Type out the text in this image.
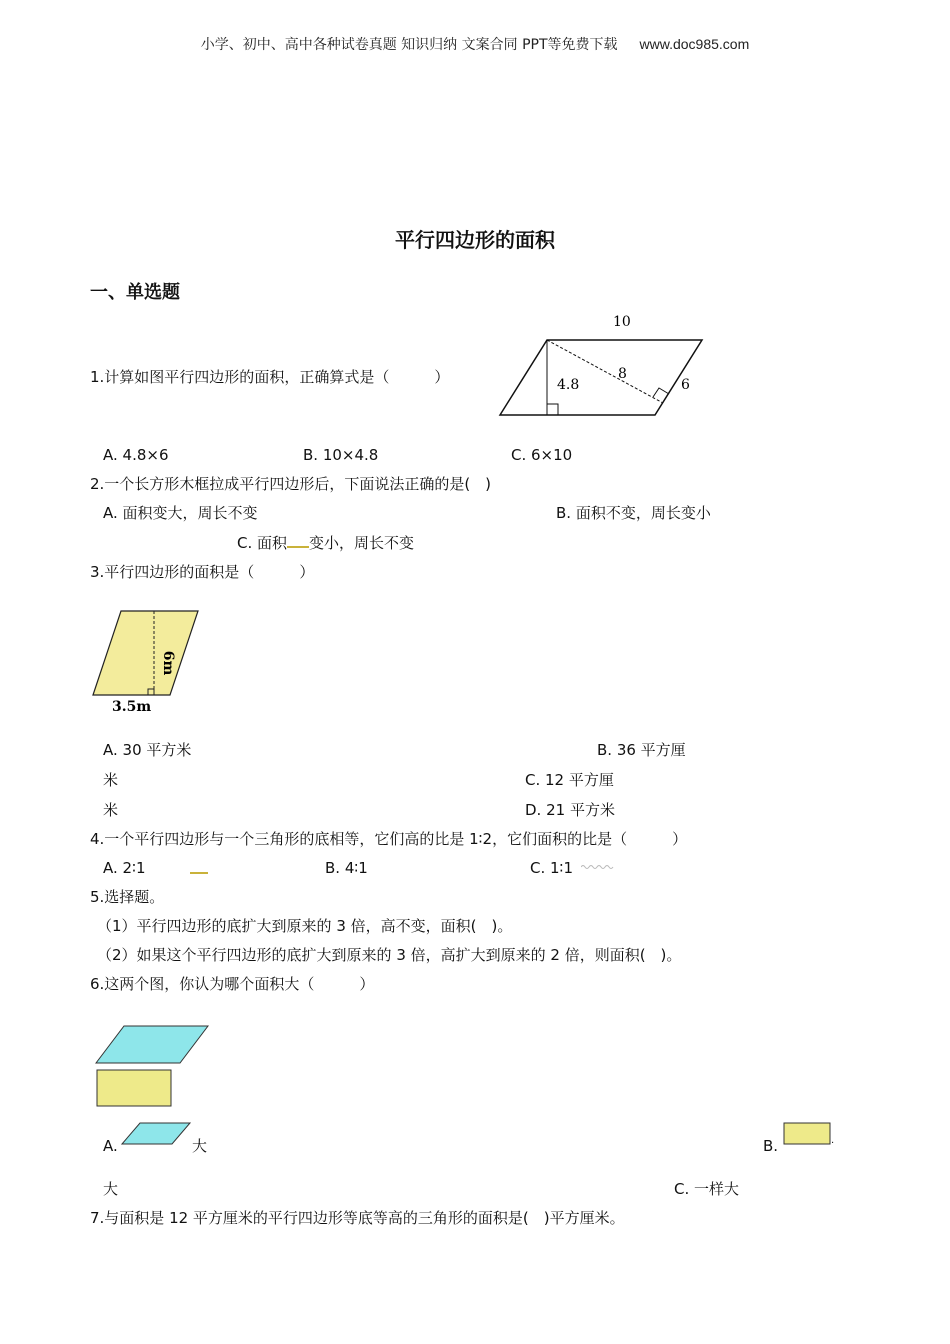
小学、初中、高中各种试卷真题 知识归纳 文案合同 PPT等免费下载 www.doc985.com
平行四边形的面积
一、单选题
1.计算如图平行四边形的面积，正确算式是（　　　）
10
8
6
4.8
A. 4.8×6	B. 10×4.8	C. 6×10
2.一个长方形木框拉成平行四边形后，下面说法正确的是(　)
A. 面积变大，周长不变	B. 面积不变，周长变小
C. 面积 变小，周长不变
3.平行四边形的面积是（　　　）
6m
3.5m
A. 30 平方米	B. 36 平方厘
米	C. 12 平方厘
米	D. 21 平方米
4.一个平行四边形与一个三角形的底相等，它们高的比是 1∶2，它们面积的比是（　　　）
A. 2∶1	B. 4∶1	C. 1∶1
5.选择题。
（1）平行四边形的底扩大到原来的 3 倍，高不变，面积(　)。
（2）如果这个平行四边形的底扩大到原来的 3 倍，高扩大到原来的 2 倍，则面积(　)。
6.这两个图，你认为哪个面积大（　　　）
A.	大	B.	.
大	C. 一样大
7.与面积是 12 平方厘米的平行四边形等底等高的三角形的面积是(　)平方厘米。
